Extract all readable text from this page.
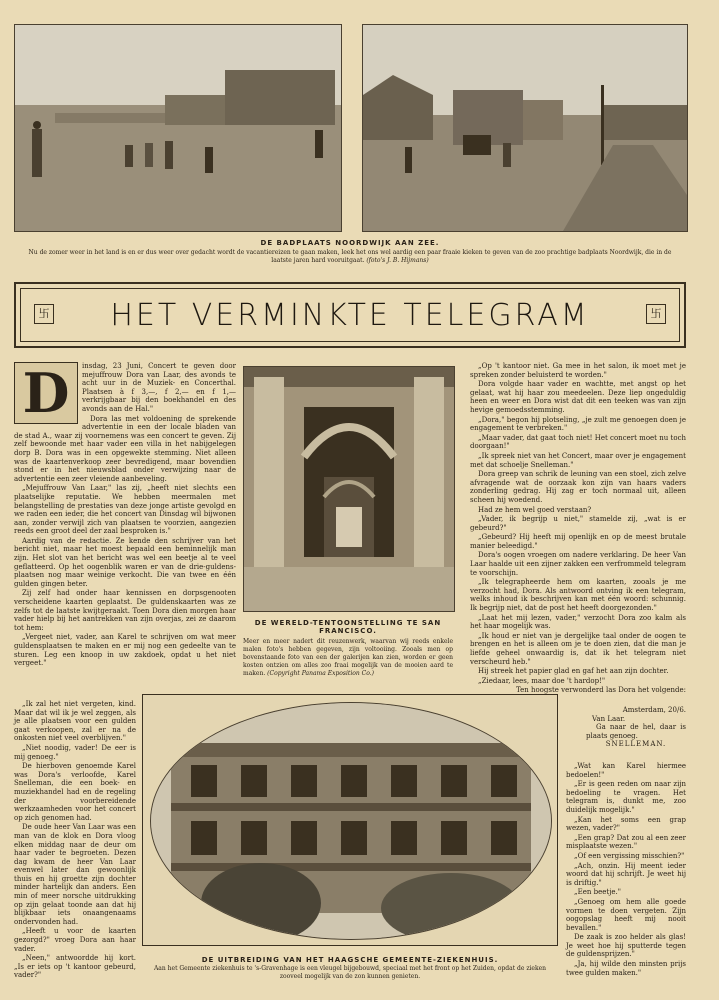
DE BADPLAATS NOORDWIJK AAN ZEE.
Nu de zomer weer in het land is en er dus weer over gedacht wordt de vacantiereizen te gaan maken, leek het ons wel aardig een paar fraaie kieken te geven van de zoo prachtige badplaats Noordwijk, die in de laatste jaren hard vooruitgaat. (foto's J. B. Hijmans)
卐	HET VERMINKTE TELEGRAM	卐
D	insdag, 23 Juni, Concert te geven door mejuffrouw Dora van Laar, des avonds te acht uur in de Muziek- en Concerthal. Plaatsen à f 3,—, f 2,— en f 1,— verkrijgbaar bij den boekhandel en des avonds aan de Hal."

Dora las met voldoening de sprekende advertentie in een der locale bladen van de stad A., waar zij voornemens was een concert te geven. Zij zelf bewoonde met haar vader een villa in het nabijgelegen dorp B. Dora was in een opgewekte stemming. Niet alleen was de kaartenverkoop zeer bevredigend, maar bovendien stond er in het nieuwsblad onder verwijzing naar de advertentie een zeer vleiende aanbeveling.

„Mejuffrouw Van Laar," las zij, „heeft niet slechts een plaatselijke reputatie. We hebben meermalen met belangstelling de prestaties van deze jonge artiste gevolgd en we raden een ieder, die het concert van Dinsdag wil bijwonen aan, zonder verwijl zich van plaatsen te voorzien, aangezien reeds een groot deel der zaal besproken is."

Aardig van de redactie. Ze kende den schrijver van het bericht niet, maar het moest bepaald een beminnelijk man zijn. Het slot van het bericht was wel een beetje al te veel geflatteerd. Op het oogenblik waren er van de drie-guldens-plaatsen nog maar weinige verkocht. Die van twee en één gulden gingen beter.

Zij zelf had onder haar kennissen en dorpsgenooten verscheidene kaarten geplaatst. De guldenskaarten was ze zelfs tot de laatste kwijtgeraakt. Toen Dora dien morgen haar vader hielp bij het aantrekken van zijn overjas, zei ze daarom tot hem:

„Vergeet niet, vader, aan Karel te schrijven om wat meer guldensplaatsen te maken en er mij nog een gedeelte van te sturen. Leg een knoop in uw zakdoek, opdat u het niet vergeet."

„Ik zal het niet vergeten, kind. Maar dat wil ik je wel zeggen, als je alle plaatsen voor een gulden gaat verkoopen, zal er na de onkosten niet veel overblijven."

„Niet noodig, vader! De eer is mij genoeg."

De hierboven genoemde Karel was Dora's verloofde, Karel Snelleman, die een boek- en muziekhandel had en de regeling der voorbereidende werkzaamheden voor het concert op zich genomen had.

De oude heer Van Laar was een man van de klok en Dora vloog elken middag naar de deur om haar vader te begroeten. Dezen dag kwam de heer Van Laar evenwel later dan gewoonlijk thuis en hij groette zijn dochter minder hartelijk dan anders. Een min of meer norsche uitdrukking op zijn gelaat toonde aan dat hij blijkbaar iets onaangenaams ondervonden had.

„Heeft u voor de kaarten gezorgd?" vroeg Dora aan haar vader.

„Neen," antwoordde hij kort. „Is er iets op 't kantoor gebeurd, vader?"

DE WERELD-TENTOONSTELLING TE SAN FRANCISCO.
Meer en meer nadert dit reuzenwerk, waarvan wij reeds enkele malen foto's hebben gegeven, zijn voltooiing. Zooals men op bovenstaande foto van een der galerijen kan zien, worden er geen kosten ontzien om alles zoo fraai mogelijk van de mooien aard te maken. (Copyright Panama Exposition Co.)

„Op 't kantoor niet. Ga mee in het salon, ik moet met je spreken zonder beluisterd te worden."

Dora volgde haar vader en wachtte, met angst op het gelaat, wat hij haar zou meedeelen. Deze liep ongeduldig heen en weer en Dora wist dat dit een teeken was van zijn hevige gemoedsstemming.

„Dora," begon hij plotseling, „je zult me genoegen doen je engagement te verbreken."

„Maar vader, dat gaat toch niet! Het concert moet nu toch doorgaan!"

„Ik spreek niet van het Concert, maar over je engagement met dat schoelje Snelleman."

Dora greep van schrik de leuning van een stoel, zich zelve afvragende wat de oorzaak kon zijn van haars vaders zonderling gedrag. Hij zag er toch normaal uit, alleen scheen hij woedend.

Had ze hem wel goed verstaan?

„Vader, ik begrijp u niet," stamelde zij, „wat is er gebeurd?"

„Gebeurd? Hij heeft mij openlijk en op de meest brutale manier beleedigd."

Dora's oogen vroegen om nadere verklaring. De heer Van Laar haalde uit een zijner zakken een verfrommeld telegram te voorschijn.

„Ik telegrapheerde hem om kaarten, zooals je me verzocht had, Dora. Als antwoord ontving ik een telegram, welks inhoud ik beschrijven kan met één woord: schunnig. Ik begrijp niet, dat de post het heeft doorgezonden."

„Laat het mij lezen, vader," verzocht Dora zoo kalm als het haar mogelijk was.

„Ik houd er niet van je dergelijke taal onder de oogen te brengen en het is alleen om je te doen zien, dat die man je liefde geheel onwaardig is, dat ik het telegram niet verscheurd heb."

Hij streek het papier glad en gaf het aan zijn dochter.

„Ziedaar, lees, maar doe 't hardop!"

Ten hoogste verwonderd las Dora het volgende:

Amsterdam, 20/6.
Van Laar.
Ga naar de hel, daar is plaats genoeg.
SNELLEMAN.

„Wat kan Karel hiermee bedoelen!"

„Er is geen reden om naar zijn bedoeling te vragen. Het telegram is, dunkt me, zoo duidelijk mogelijk."

„Kan het soms een grap wezen, vader?"

„Een grap? Dat zou al een zeer misplaatste wezen."

„Of een vergissing misschien?"

„Ach, onzin. Hij meent ieder woord dat hij schrijft. Je weet hij is driftig."

„Een beetje."

„Genoeg om hem alle goede vormen te doen vergeten. Zijn oogopslag heeft mij nooit bevallen."

De zaak is zoo helder als glas! Je weet hoe hij sputterde tegen de guldensprijzen."

„Ja, hij wilde den minsten prijs twee gulden maken."

DE UITBREIDING VAN HET HAAGSCHE GEMEENTE-ZIEKENHUIS.
Aan het Gemeente ziekenhuis te 's-Gravenhage is een vleugel bijgebouwd, speciaal met het front op het Zuiden, opdat de zieken zooveel mogelijk van de zon kunnen genieten.
